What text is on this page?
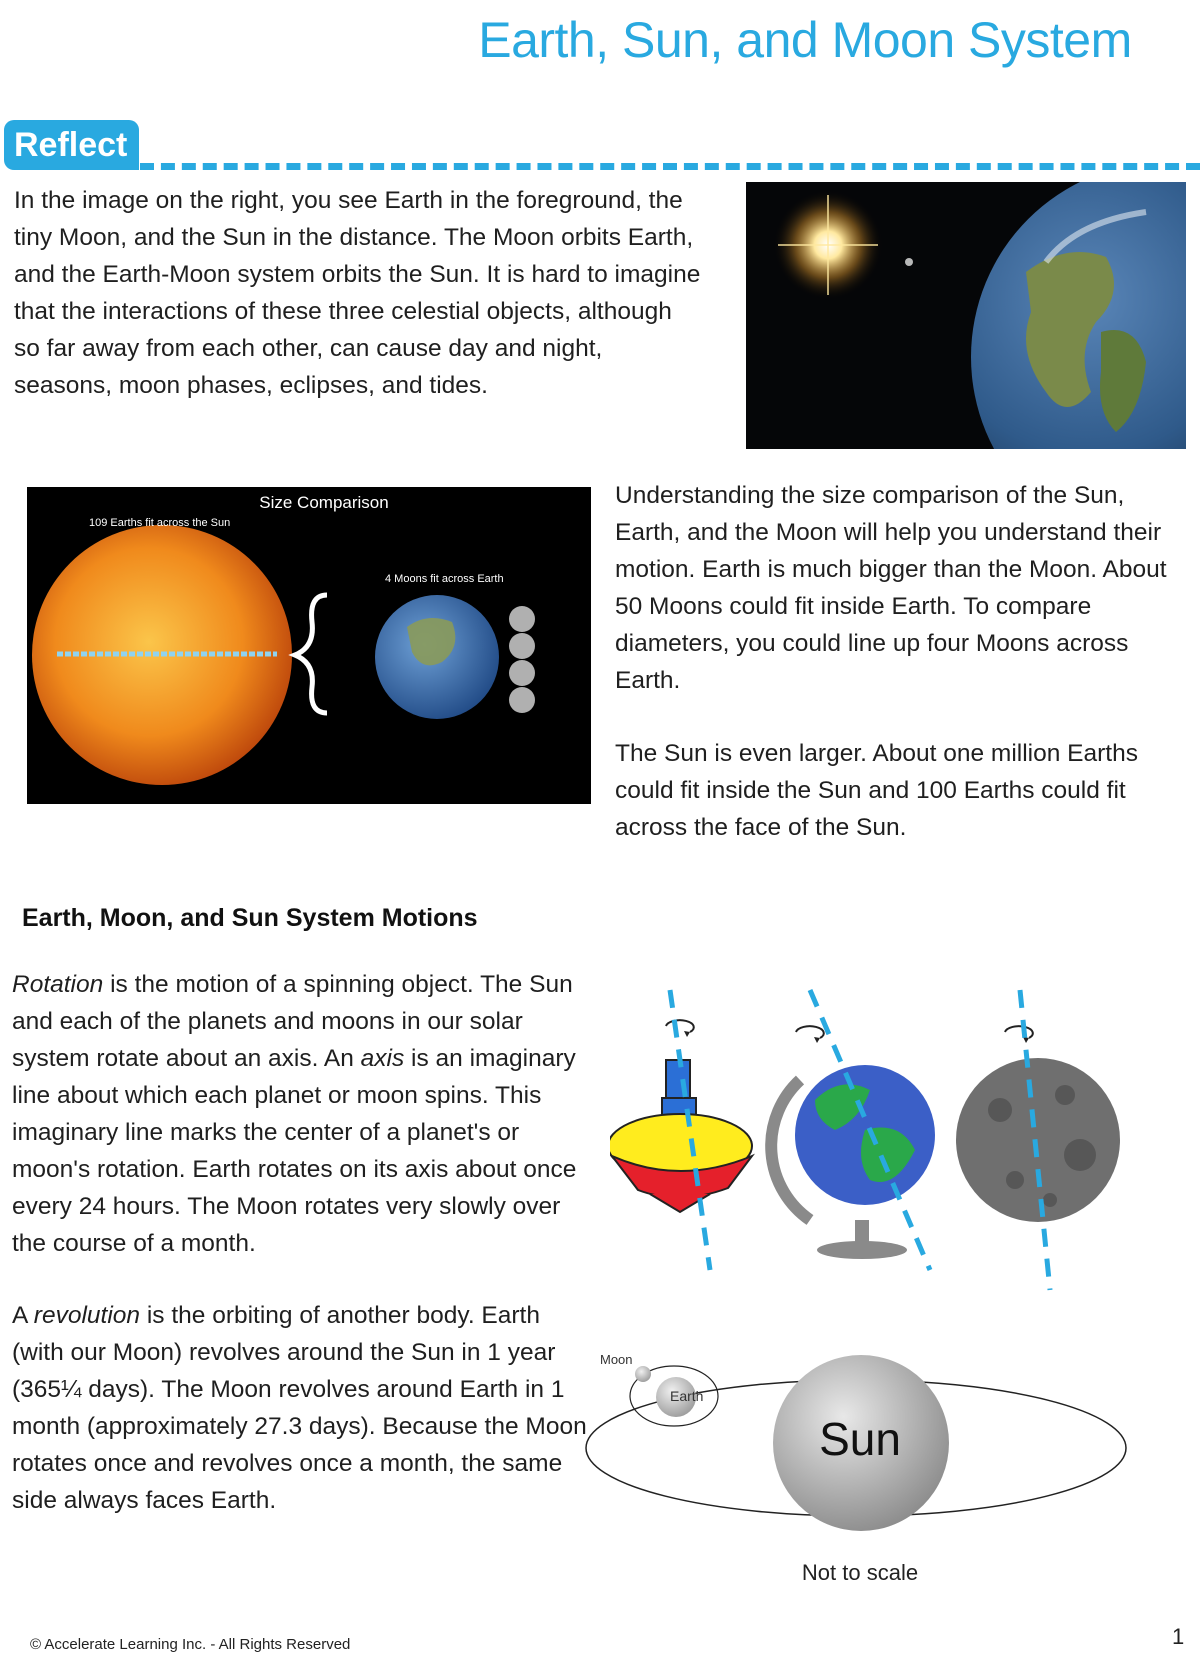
Earth, Sun, and Moon System
Reflect

In the image on the right, you see Earth in the foreground, the tiny Moon, and the Sun in the distance. The Moon orbits Earth, and the Earth-Moon system orbits the Sun. It is hard to imagine that the interactions of these three celestial objects, although so far away from each other, can cause day and night, seasons, moon phases, eclipses, and tides.

Size Comparison
109 Earths fit across the Sun
4 Moons fit across Earth

Understanding the size comparison of the Sun, Earth, and the Moon will help you understand their motion. Earth is much bigger than the Moon. About 50 Moons could fit inside Earth. To compare diameters, you could line up four Moons across Earth.

The Sun is even larger. About one million Earths could fit inside the Sun and 100 Earths could fit across the face of the Sun.

Earth, Moon, and Sun System Motions

Rotation is the motion of a spinning object. The Sun and each of the planets and moons in our solar system rotate about an axis. An axis is an imaginary line about which each planet or moon spins. This imaginary line marks the center of a planet's or moon's rotation. Earth rotates on its axis about once every 24 hours. The Moon rotates very slowly over the course of a month.

A revolution is the orbiting of another body. Earth (with our Moon) revolves around the Sun in 1 year (365¼ days). The Moon revolves around Earth in 1 month (approximately 27.3 days). Because the Moon rotates once and revolves once a month, the same side always faces Earth.

Moon
Earth
Sun
Not to scale
© Accelerate Learning Inc. - All Rights Reserved	1
